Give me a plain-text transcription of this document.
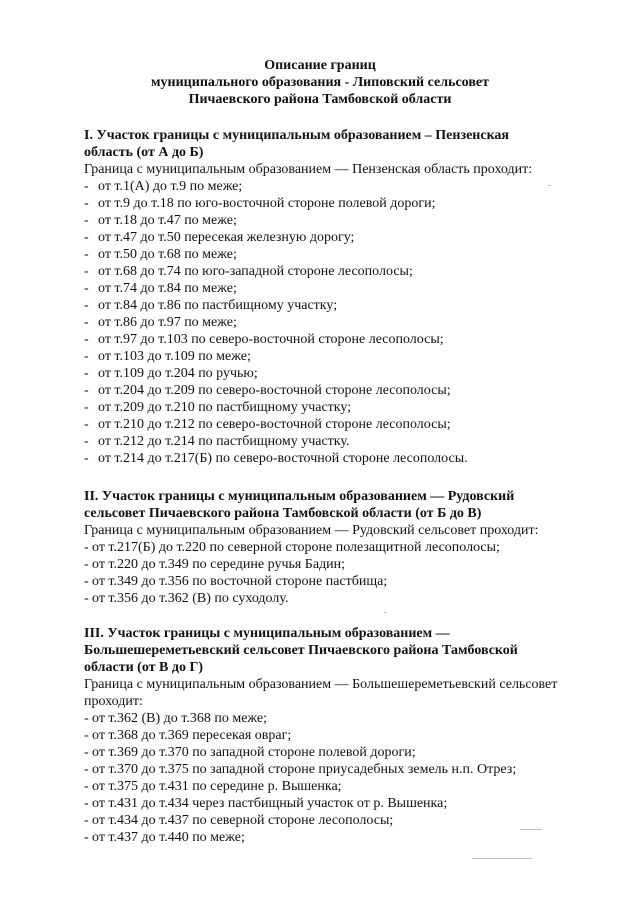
Описание границ
муниципального образования - Липовский сельсовет
Пичаевского района Тамбовской области
I. Участок границы с муниципальным образованием – Пензенская
область (от А до Б)
Граница с муниципальным образованием — Пензенская область проходит:
- от т.1(А) до т.9 по меже;
- от т.9 до т.18 по юго-восточной стороне полевой дороги;
- от т.18 до т.47 по меже;
- от т.47 до т.50 пересекая железную дорогу;
- от т.50 до т.68 по меже;
- от т.68 до т.74 по юго-западной стороне лесополосы;
- от т.74 до т.84 по меже;
- от т.84 до т.86 по пастбищному участку;
- от т.86 до т.97 по меже;
- от т.97 до т.103 по северо-восточной стороне лесополосы;
- от т.103 до т.109 по меже;
- от т.109 до т.204 по ручью;
- от т.204 до т.209 по северо-восточной стороне лесополосы;
- от т.209 до т.210 по пастбищному участку;
- от т.210 до т.212 по северо-восточной стороне лесополосы;
- от т.212 до т.214 по пастбищному участку.
- от т.214 до т.217(Б) по северо-восточной стороне лесополосы.
II. Участок границы с муниципальным образованием — Рудовский
сельсовет Пичаевского района Тамбовской области (от Б до В)
Граница с муниципальным образованием — Рудовский сельсовет проходит:
- от т.217(Б) до т.220 по северной стороне полезащитной лесополосы;
- от т.220 до т.349 по середине ручья Бадин;
- от т.349 до т.356 по восточной стороне пастбища;
- от т.356 до т.362 (В) по суходолу.
III. Участок границы с муниципальным образованием —
Большешереметьевский сельсовет Пичаевского района Тамбовской
области (от В до Г)
Граница с муниципальным образованием — Большешереметьевский сельсовет
проходит:
- от т.362 (В) до т.368 по меже;
- от т.368 до т.369 пересекая овраг;
- от т.369 до т.370 по западной стороне полевой дороги;
- от т.370 до т.375 по западной стороне приусадебных земель н.п. Отрез;
- от т.375 до т.431 по середине р. Вышенка;
- от т.431 до т.434 через пастбищный участок от р. Вышенка;
- от т.434 до т.437 по северной стороне лесополосы;
- от т.437 до т.440 по меже;
